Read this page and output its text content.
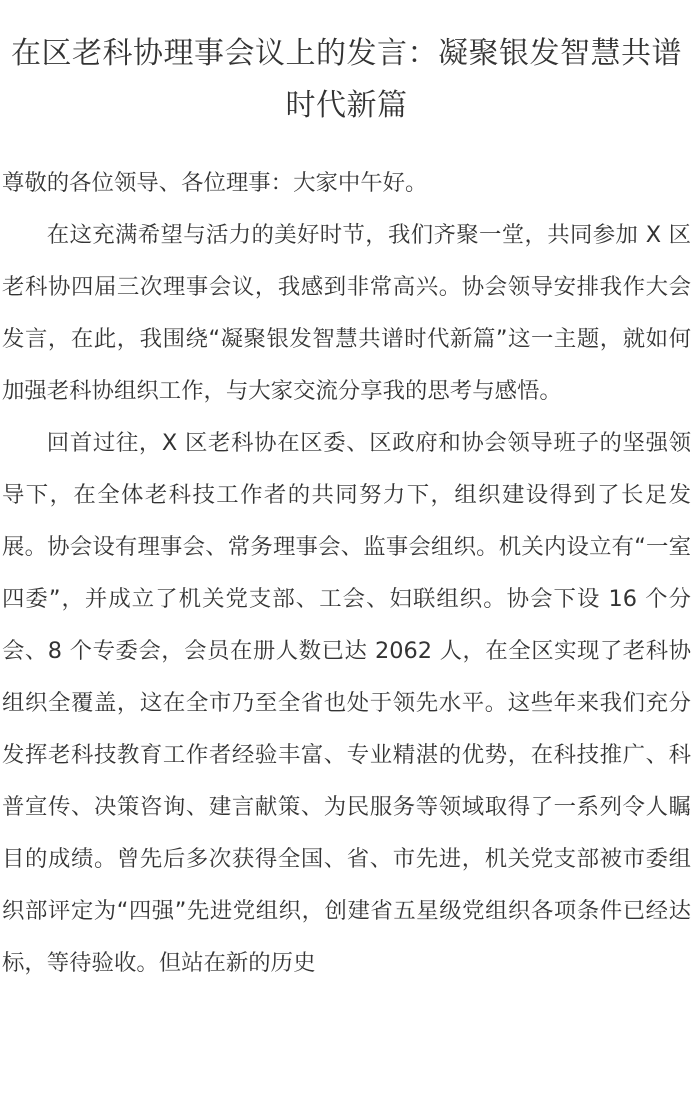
在区老科协理事会议上的发言：凝聚银发智慧共谱时代新篇

尊敬的各位领导、各位理事：大家中午好。

在这充满希望与活力的美好时节，我们齐聚一堂，共同参加 X 区老科协四届三次理事会议，我感到非常高兴。协会领导安排我作大会发言，在此，我围绕“凝聚银发智慧共谱时代新篇”这一主题，就如何加强老科协组织工作，与大家交流分享我的思考与感悟。

回首过往，X 区老科协在区委、区政府和协会领导班子的坚强领导下，在全体老科技工作者的共同努力下，组织建设得到了长足发展。协会设有理事会、常务理事会、监事会组织。机关内设立有“一室四委”，并成立了机关党支部、工会、妇联组织。协会下设 16 个分会、8 个专委会，会员在册人数已达 2062 人，在全区实现了老科协组织全覆盖，这在全市乃至全省也处于领先水平。这些年来我们充分发挥老科技教育工作者经验丰富、专业精湛的优势，在科技推广、科普宣传、决策咨询、建言献策、为民服务等领域取得了一系列令人瞩目的成绩。曾先后多次获得全国、省、市先进，机关党支部被市委组织部评定为“四强”先进党组织，创建省五星级党组织各项条件已经达标，等待验收。但站在新的历史
